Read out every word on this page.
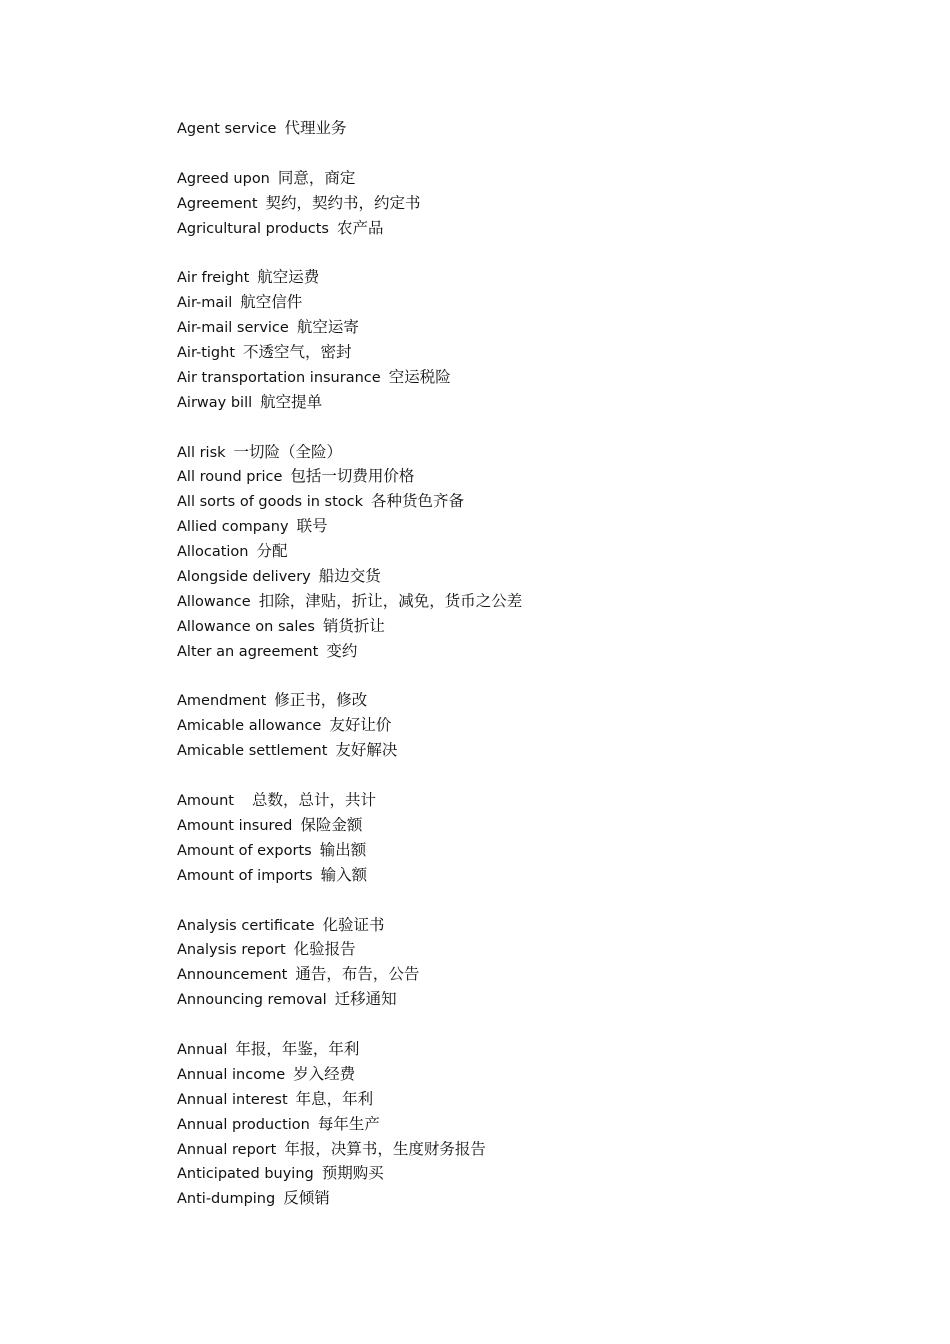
Agent service 代理业务
Agreed upon 同意，商定
Agreement 契约，契约书，约定书
Agricultural products 农产品
Air freight 航空运费
Air-mail 航空信件
Air-mail service 航空运寄
Air-tight 不透空气，密封
Air transportation insurance 空运税险
Airway bill 航空提单
All risk 一切险（全险）
All round price 包括一切费用价格
All sorts of goods in stock 各种货色齐备
Allied company 联号
Allocation 分配
Alongside delivery 船边交货
Allowance 扣除，津贴，折让，减免，货币之公差
Allowance on sales 销货折让
Alter an agreement 变约
Amendment 修正书，修改
Amicable allowance 友好让价
Amicable settlement 友好解决
Amount 总数，总计，共计
Amount insured 保险金额
Amount of exports 输出额
Amount of imports 输入额
Analysis certificate 化验证书
Analysis report 化验报告
Announcement 通告，布告，公告
Announcing removal 迁移通知
Annual 年报，年鉴，年利
Annual income 岁入经费
Annual interest 年息，年利
Annual production 每年生产
Annual report 年报，决算书，生度财务报告
Anticipated buying 预期购买
Anti-dumping 反倾销
